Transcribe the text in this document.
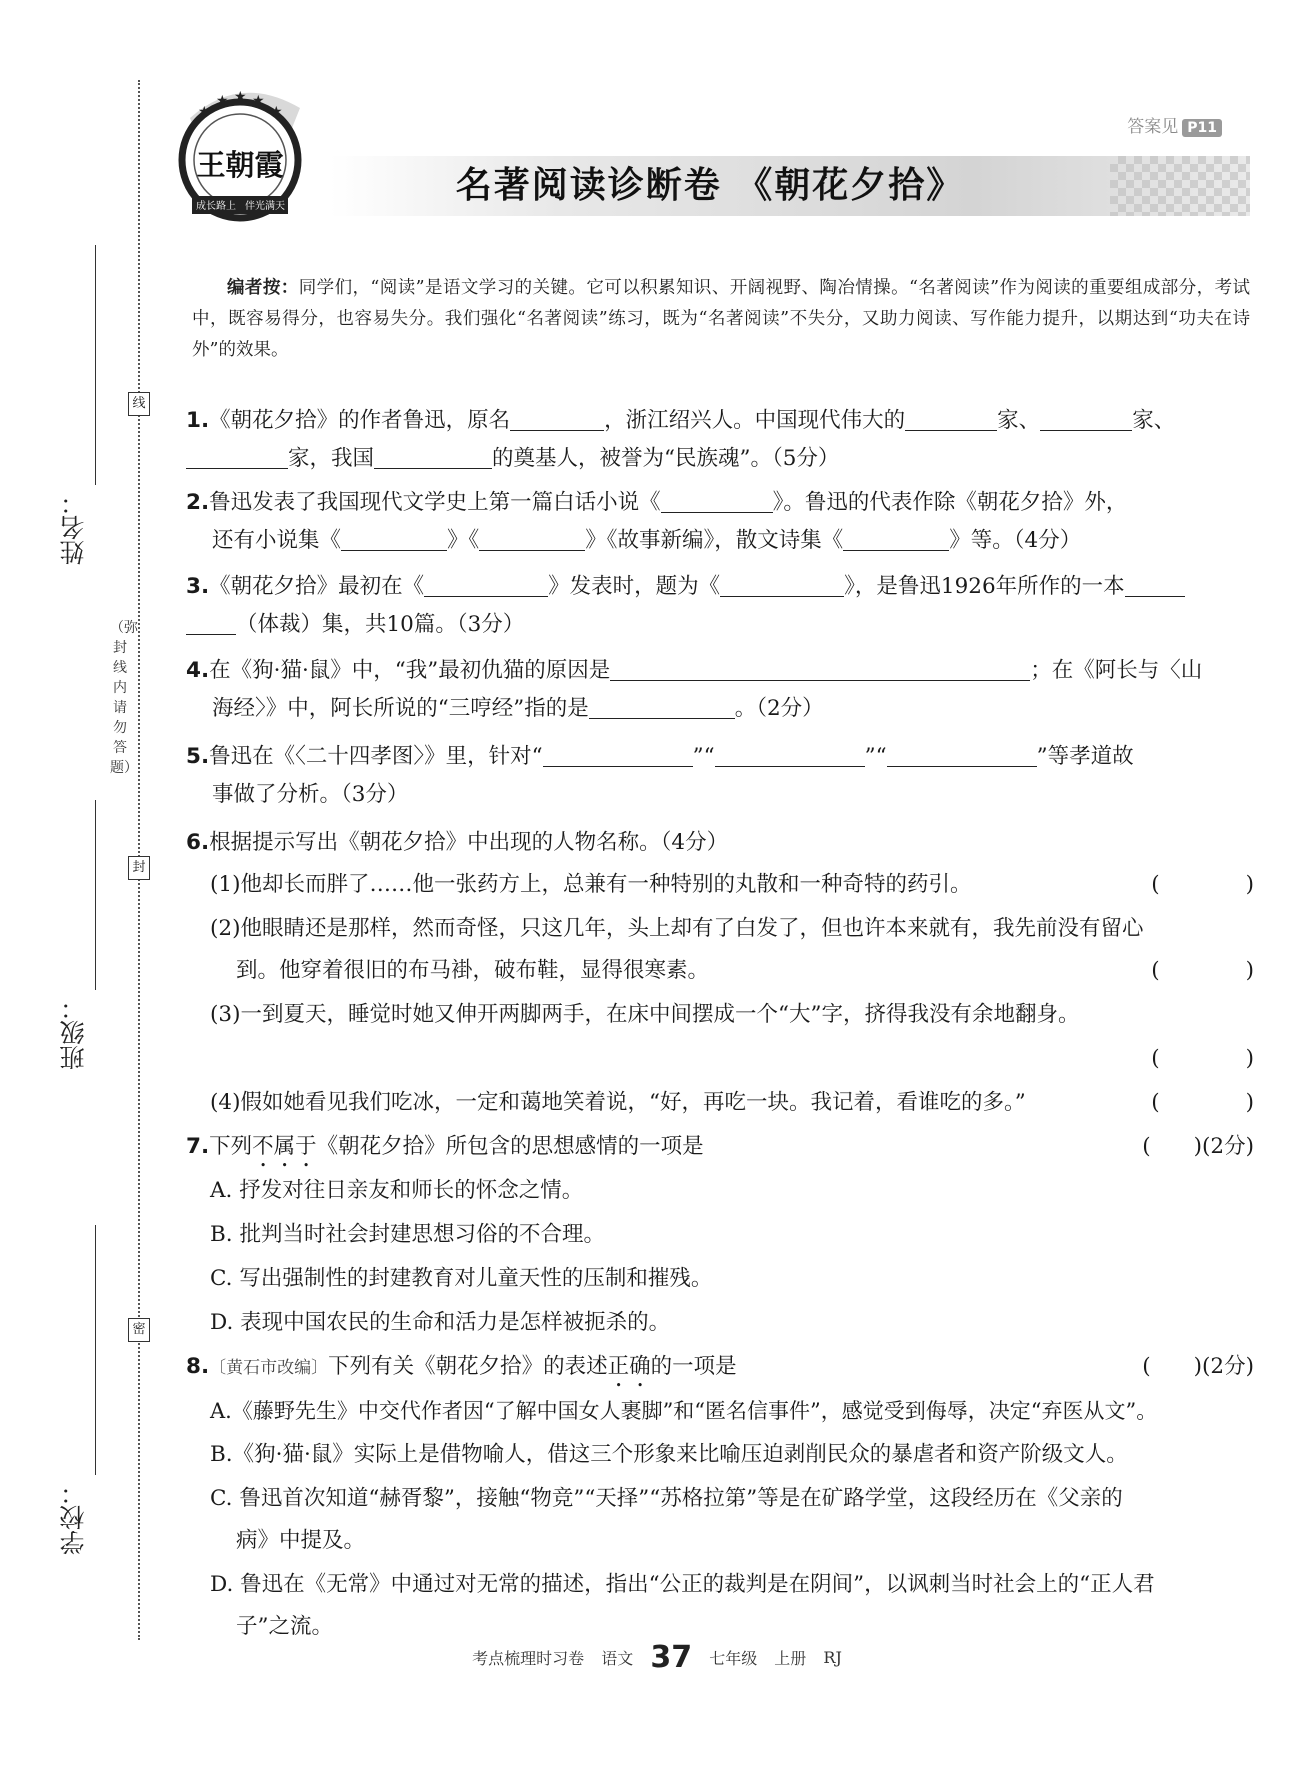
★
★ ★ ★
★
王朝霞
成长路上 伴光满天
名著阅读诊断卷 《朝花夕拾》
答案见 P11
线
封
密
（弥封线内请勿答题）
姓名：
班级：
学校：
编者按：同学们，“阅读”是语文学习的关键。它可以积累知识、开阔视野、陶冶情操。“名著阅读”作为阅读的重要组成部分，考试中，既容易得分，也容易失分。我们强化“名著阅读”练习，既为“名著阅读”不失分，又助力阅读、写作能力提升，以期达到“功夫在诗外”的效果。
1.《朝花夕拾》的作者鲁迅，原名	，浙江绍兴人。中国现代伟大的	家、	家、
家，我国	的奠基人，被誉为“民族魂”。（5分）
2.鲁迅发表了我国现代文学史上第一篇白话小说《	》。鲁迅的代表作除《朝花夕拾》外，
还有小说集《	》《	》《故事新编》，散文诗集《	》等。（4分）
3.《朝花夕拾》最初在《	》发表时，题为《	》，是鲁迅1926年所作的一本
（体裁）集，共10篇。（3分）
4.在《狗·猫·鼠》中，“我”最初仇猫的原因是	；在《阿长与〈山
海经〉》中，阿长所说的“三哼经”指的是	。（2分）
5.鲁迅在《〈二十四孝图〉》里，针对“	”“	”“	”等孝道故
事做了分析。（3分）
6.根据提示写出《朝花夕拾》中出现的人物名称。（4分）
(1)他却长而胖了……他一张药方上，总兼有一种特别的丸散和一种奇特的药引。	(　　　　)
(2)他眼睛还是那样，然而奇怪，只这几年，头上却有了白发了，但也许本来就有，我先前没有留心
到。他穿着很旧的布马褂，破布鞋，显得很寒素。	(　　　　)
(3)一到夏天，睡觉时她又伸开两脚两手，在床中间摆成一个“大”字，挤得我没有余地翻身。
(　　　　)
(4)假如她看见我们吃冰，一定和蔼地笑着说，“好，再吃一块。我记着，看谁吃的多。”	(　　　　)
7.下列不属于《朝花夕拾》所包含的思想感情的一项是	(　　)(2分)
A. 抒发对往日亲友和师长的怀念之情。
B. 批判当时社会封建思想习俗的不合理。
C. 写出强制性的封建教育对儿童天性的压制和摧残。
D. 表现中国农民的生命和活力是怎样被扼杀的。
8.〔黄石市改编〕下列有关《朝花夕拾》的表述正确的一项是	(　　)(2分)
A.《藤野先生》中交代作者因“了解中国女人裹脚”和“匿名信事件”，感觉受到侮辱，决定“弃医从文”。
B.《狗·猫·鼠》实际上是借物喻人，借这三个形象来比喻压迫剥削民众的暴虐者和资产阶级文人。
C. 鲁迅首次知道“赫胥黎”，接触“物竞”“天择”“苏格拉第”等是在矿路学堂，这段经历在《父亲的
病》中提及。
D. 鲁迅在《无常》中通过对无常的描述，指出“公正的裁判是在阴间”，以讽刺当时社会上的“正人君
子”之流。
考点梳理时习卷 语文 37 七年级 上册 RJ
